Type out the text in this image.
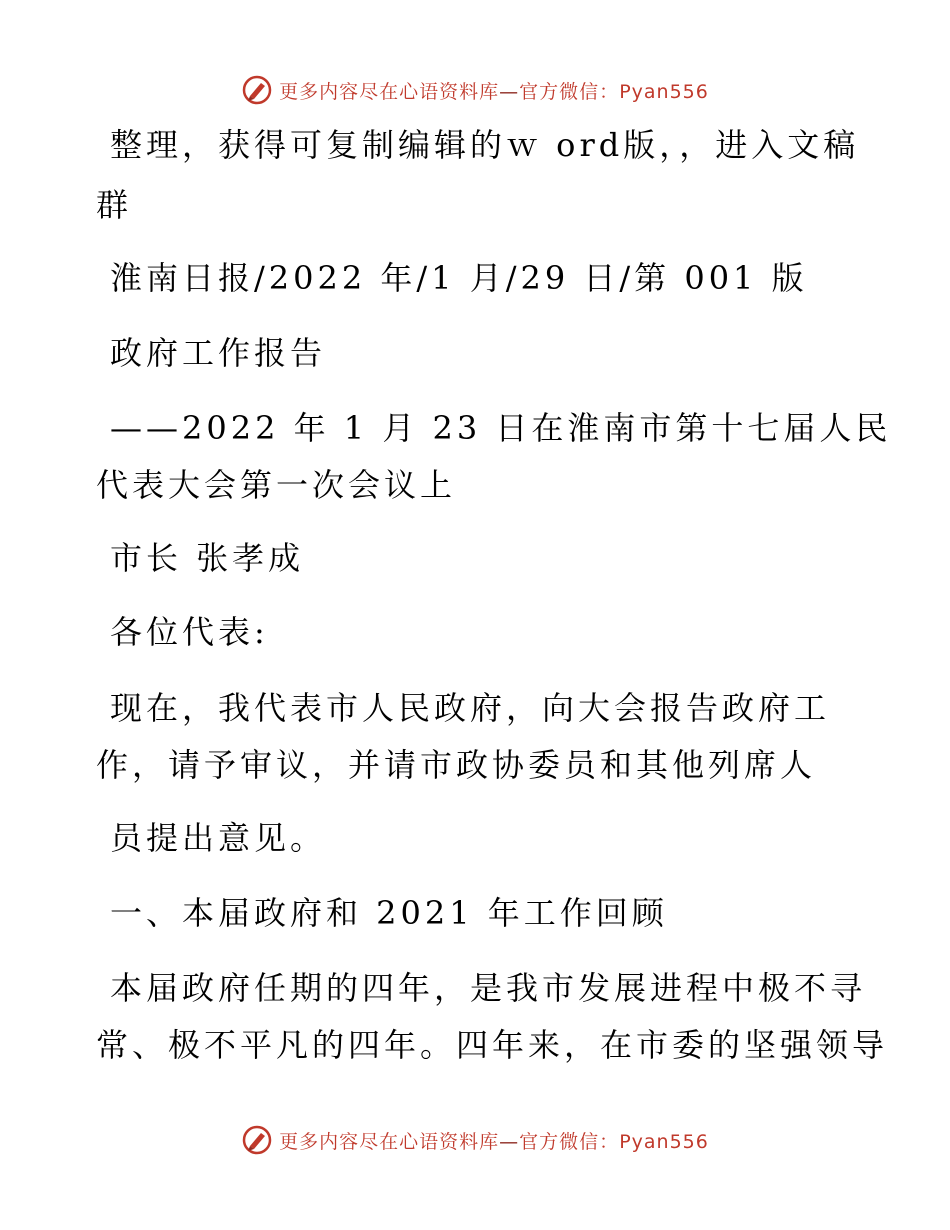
更多内容尽在心语资料库—官方微信：Pyan556
整理，获得可复制编辑的ｗ ord版，，进入文稿
群
淮南日报/2022 年/1 月/29 日/第 001 版
政府工作报告
——2022 年 1 月 23 日在淮南市第十七届人民
代表大会第一次会议上
市长 张孝成
各位代表:
现在，我代表市人民政府，向大会报告政府工
作，请予审议，并请市政协委员和其他列席人
员提出意见。
一、本届政府和 2021 年工作回顾
本届政府任期的四年，是我市发展进程中极不寻
常、极不平凡的四年。四年来，在市委的坚强领导
更多内容尽在心语资料库—官方微信：Pyan556
